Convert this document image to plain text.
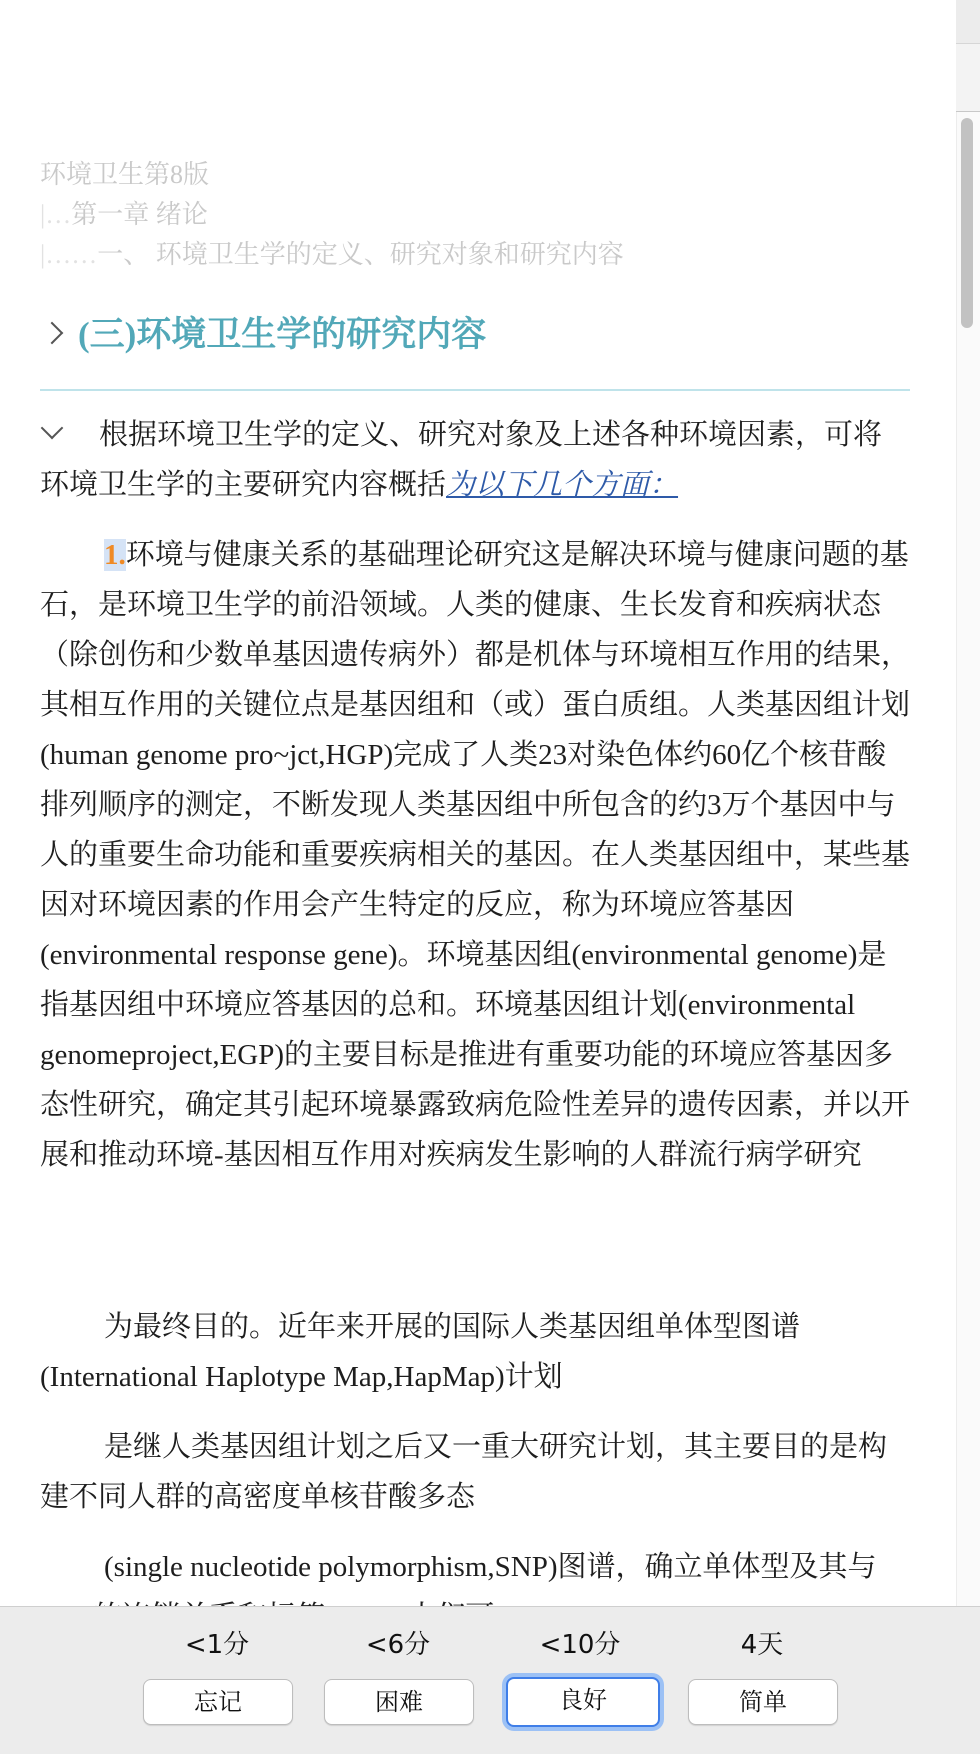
环境卫生第8版
|…第一章 绪论
|……一、 环境卫生学的定义、研究对象和研究内容
(三)环境卫生学的研究内容

　根据环境卫生学的定义、研究对象及上述各种环境因素，可将环境卫生学的主要研究内容概括为以下几个方面：

1.环境与健康关系的基础理论研究这是解决环境与健康问题的基石，是环境卫生学的前沿领域。人类的健康、生长发育和疾病状态（除创伤和少数单基因遗传病外）都是机体与环境相互作用的结果，其相互作用的关键位点是基因组和（或）蛋白质组。人类基因组计划(human genome pro~jct,HGP)完成了人类23对染色体约60亿个核苷酸排列顺序的测定，不断发现人类基因组中所包含的约3万个基因中与人的重要生命功能和重要疾病相关的基因。在人类基因组中，某些基因对环境因素的作用会产生特定的反应，称为环境应答基因(environmental response gene)。环境基因组(environmental genome)是指基因组中环境应答基因的总和。环境基因组计划(environmental genomeproject,EGP)的主要目标是推进有重要功能的环境应答基因多态性研究，确定其引起环境暴露致病危险性差异的遗传因素，并以开展和推动环境-基因相互作用对疾病发生影响的人群流行病学研究

为最终目的。近年来开展的国际人类基因组单体型图谱(International Haplotype Map,HapMap)计划

是继人类基因组计划之后又一重大研究计划，其主要目的是构建不同人群的高密度单核苷酸多态

(single nucleotide polymorphism,SNP)图谱，确立单体型及其与

<1分	<6分	<10分	4天
忘记	困难	良好	简单
